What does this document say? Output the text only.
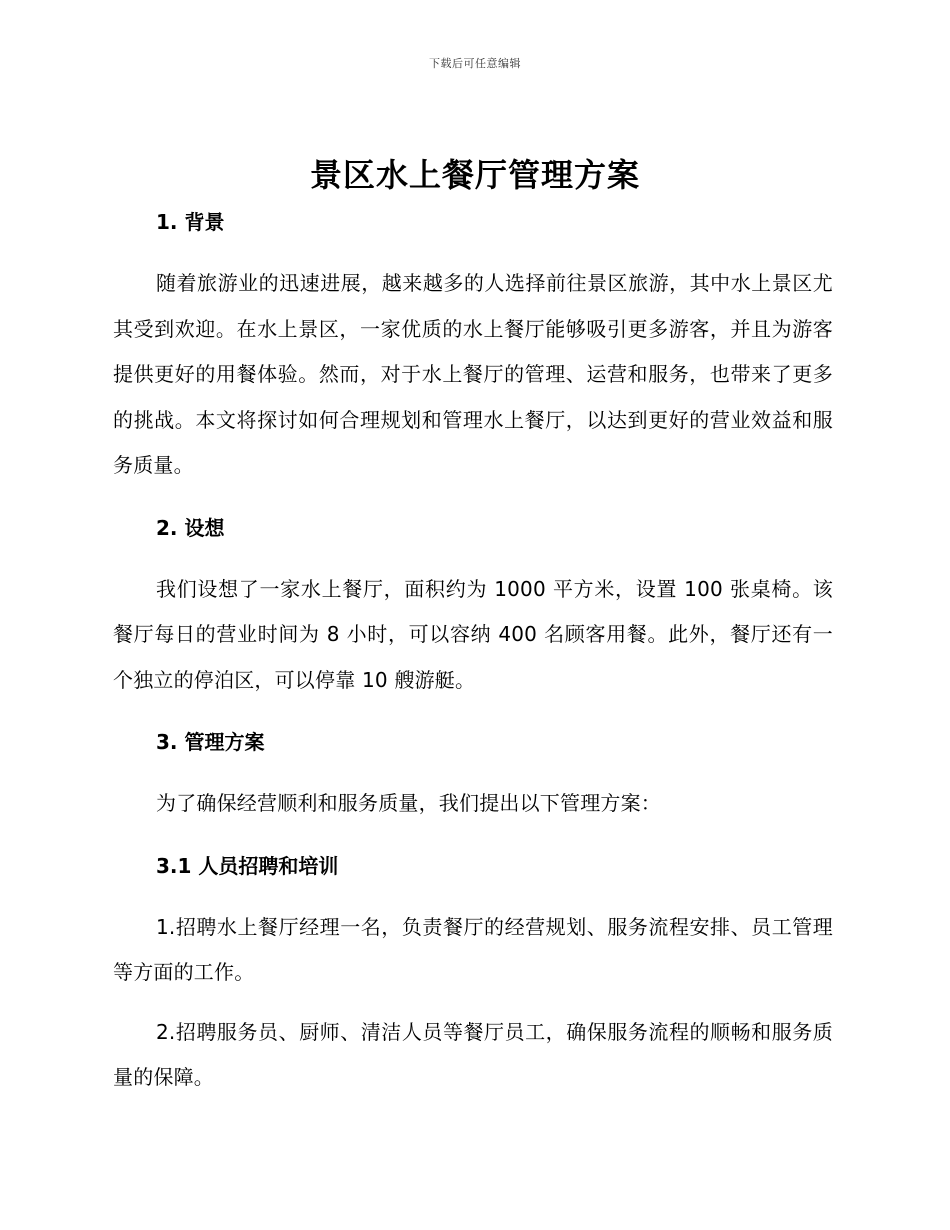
下载后可任意编辑
景区水上餐厅管理方案

1. 背景

随着旅游业的迅速进展，越来越多的人选择前往景区旅游，其中水上景区尤其受到欢迎。在水上景区，一家优质的水上餐厅能够吸引更多游客，并且为游客提供更好的用餐体验。然而，对于水上餐厅的管理、运营和服务，也带来了更多的挑战。本文将探讨如何合理规划和管理水上餐厅，以达到更好的营业效益和服务质量。

2. 设想

我们设想了一家水上餐厅，面积约为 1000 平方米，设置 100 张桌椅。该餐厅每日的营业时间为 8 小时，可以容纳 400 名顾客用餐。此外，餐厅还有一个独立的停泊区，可以停靠 10 艘游艇。

3. 管理方案

为了确保经营顺利和服务质量，我们提出以下管理方案：

3.1 人员招聘和培训

1.招聘水上餐厅经理一名，负责餐厅的经营规划、服务流程安排、员工管理等方面的工作。

2.招聘服务员、厨师、清洁人员等餐厅员工，确保服务流程的顺畅和服务质量的保障。
